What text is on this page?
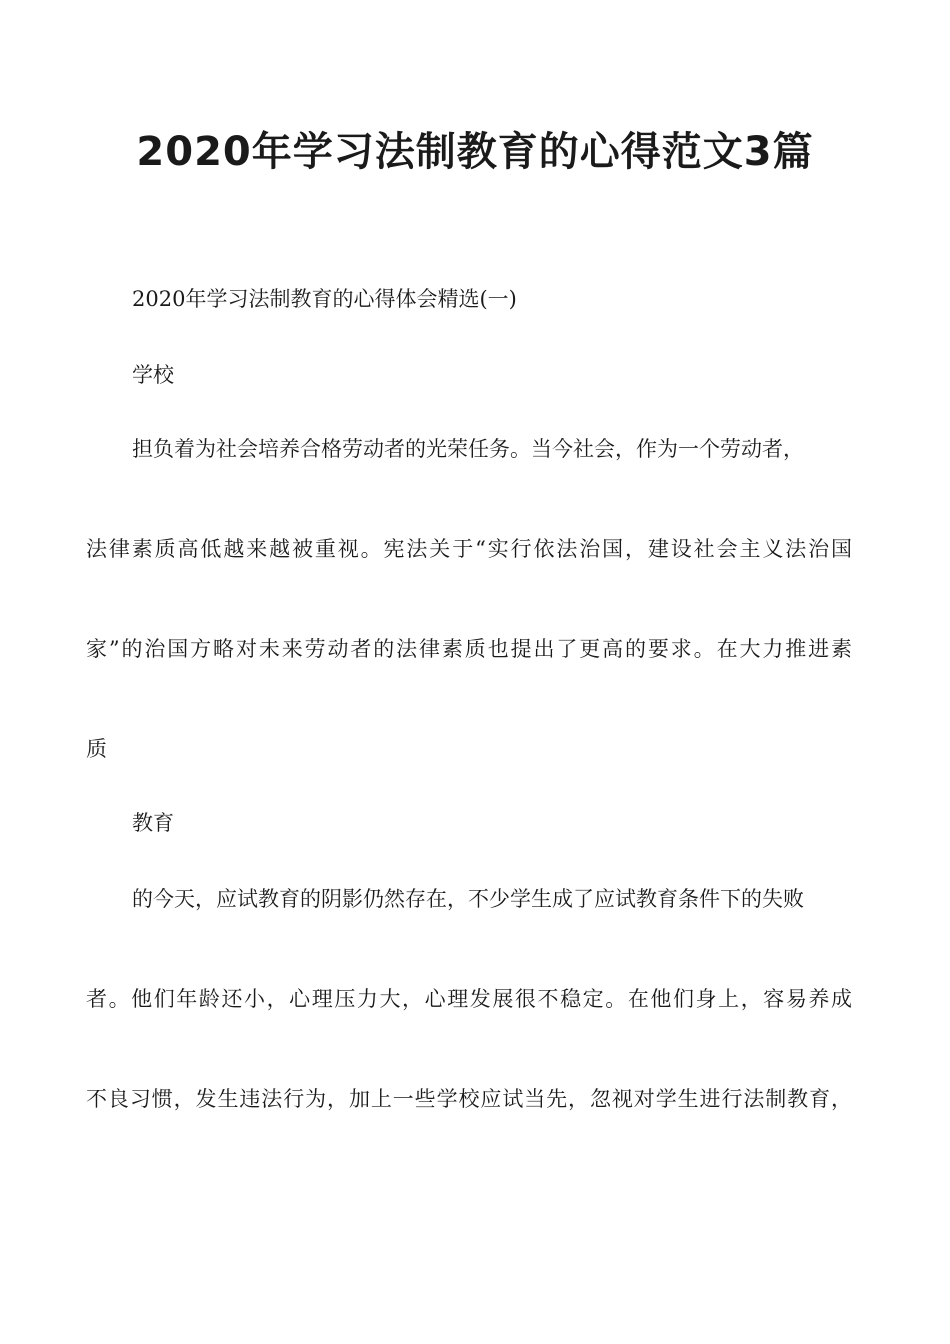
2020年学习法制教育的心得范文3篇

2020年学习法制教育的心得体会精选(一)

学校

担负着为社会培养合格劳动者的光荣任务。当今社会，作为一个劳动者，

法律素质高低越来越被重视。宪法关于“实行依法治国，建设社会主义法治国

家”的治国方略对未来劳动者的法律素质也提出了更高的要求。在大力推进素

质

教育

的今天，应试教育的阴影仍然存在，不少学生成了应试教育条件下的失败

者。他们年龄还小，心理压力大，心理发展很不稳定。在他们身上，容易养成

不良习惯，发生违法行为，加上一些学校应试当先，忽视对学生进行法制教育，
